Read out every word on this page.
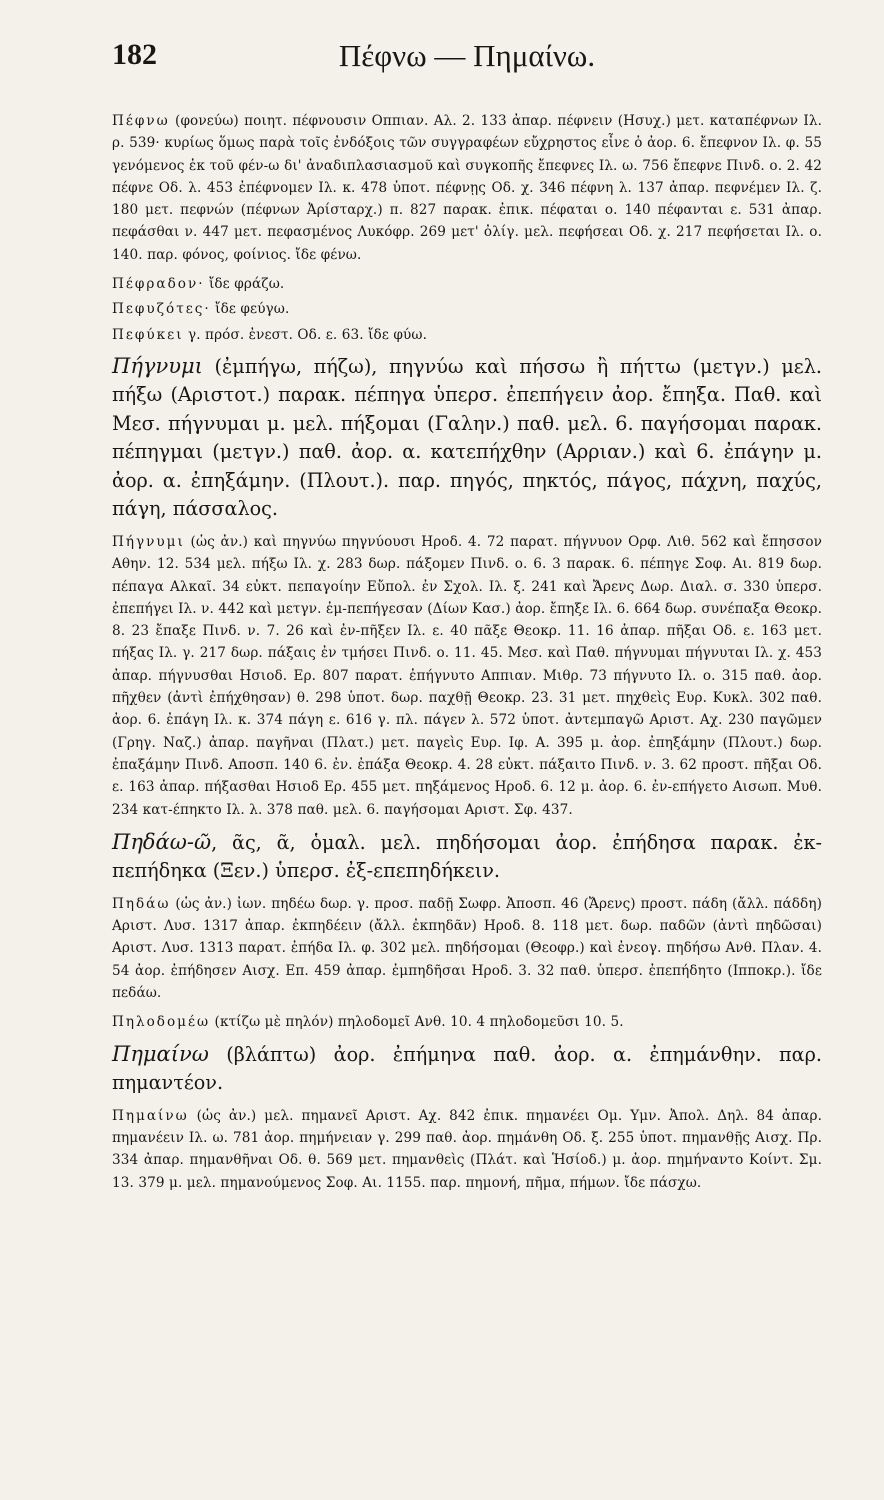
182	Πέφνω — Πημαίνω.

Πέφνω (φονεύω) ποιητ. πέφνουσιν Οππιαν. Αλ. 2. 133 ἀπαρ. πέφνειν (Ησυχ.) μετ. καταπέφνων Ιλ. ρ. 539· κυρίως ὅμως παρὰ τοῖς ἐνδόξοις τῶν συγγραφέων εὔχρηστος εἶνε ὁ ἀορ. 6. ἔπεφνον Ιλ. φ. 55 γενόμενος ἐκ τοῦ φέν-ω δι' ἀναδιπλασιασμοῦ καὶ συγκοπῆς ἔπεφνες Ιλ. ω. 756 ἔπεφνε Πινδ. ο. 2. 42 πέφνε Οδ. λ. 453 ἐπέφνομεν Ιλ. κ. 478 ὑποτ. πέφνῃς Οδ. χ. 346 πέφνη λ. 137 ἀπαρ. πεφνέμεν Ιλ. ζ. 180 μετ. πεφνών (πέφνων Ἀρίσταρχ.) π. 827 παρακ. ἐπικ. πέφαται ο. 140 πέφανται ε. 531 ἀπαρ. πεφάσθαι ν. 447 μετ. πεφασμένος Λυκόφρ. 269 μετ' ὀλίγ. μελ. πεφήσεαι Οδ. χ. 217 πεφήσεται Ιλ. ο. 140. παρ. φόνος, φοίνιος. ἴδε φένω.

Πέφραδον· ἴδε φράζω.

Πεφυζότες· ἴδε φεύγω.

Πεφύκει γ. πρόσ. ἐνεστ. Οδ. ε. 63. ἴδε φύω.

Πήγνυμι (ἐμπήγω, πήζω), πηγνύω καὶ πήσσω ἢ πήττω (μετγν.) μελ. πήξω (Αριστοτ.) παρακ. πέπηγα ὑπερσ. ἐπεπήγειν ἀορ. ἔπηξα. Παθ. καὶ Μεσ. πήγνυμαι μ. μελ. πήξομαι (Γαλην.) παθ. μελ. 6. παγήσομαι παρακ. πέπηγμαι (μετγν.) παθ. ἀορ. α. κατεπήχθην (Αρριαν.) καὶ 6. ἐπάγην μ. ἀορ. α. ἐπηξάμην. (Πλουτ.). παρ. πηγός, πηκτός, πάγος, πάχνη, παχύς, πάγη, πάσσαλος.

Πήγνυμι (ὡς ἀν.) καὶ πηγνύω πηγνύουσι Ηροδ. 4. 72 παρατ. πήγνυον Ορφ. Λιθ. 562 καὶ ἔπησσον Αθην. 12. 534 μελ. πήξω Ιλ. χ. 283 δωρ. πάξομεν Πινδ. ο. 6. 3 παρακ. 6. πέπηγε Σοφ. Αι. 819 δωρ. πέπαγα Αλκαῖ. 34 εὐκτ. πεπαγοίην Εὔπολ. ἐν Σχολ. Ιλ. ξ. 241 καὶ Ἄρενς Δωρ. Διαλ. σ. 330 ὑπερσ. ἐπεπήγει Ιλ. ν. 442 καὶ μετγν. ἐμ-πεπήγεσαν (Δίων Κασ.) ἀορ. ἔπηξε Ιλ. 6. 664 δωρ. συνέπαξα Θεοκρ. 8. 23 ἔπαξε Πινδ. ν. 7. 26 καὶ ἐν-πῆξεν Ιλ. ε. 40 πᾶξε Θεοκρ. 11. 16 ἀπαρ. πῆξαι Οδ. ε. 163 μετ. πήξας Ιλ. γ. 217 δωρ. πάξαις ἐν τμήσει Πινδ. ο. 11. 45. Μεσ. καὶ Παθ. πήγνυμαι πήγνυται Ιλ. χ. 453 ἀπαρ. πήγνυσθαι Ησιοδ. Ερ. 807 παρατ. ἐπήγνυτο Αππιαν. Μιθρ. 73 πήγνυτο Ιλ. ο. 315 παθ. ἀορ. πῆχθεν (ἀντὶ ἐπήχθησαν) θ. 298 ὑποτ. δωρ. παχθῇ Θεοκρ. 23. 31 μετ. πηχθεὶς Ευρ. Κυκλ. 302 παθ. ἀορ. 6. ἐπάγη Ιλ. κ. 374 πάγη ε. 616 γ. πλ. πάγεν λ. 572 ὑποτ. ἀντεμπαγῶ Αριστ. Αχ. 230 παγῶμεν (Γρηγ. Ναζ.) ἀπαρ. παγῆναι (Πλατ.) μετ. παγεὶς Ευρ. Ιφ. Α. 395 μ. ἀορ. ἐπηξάμην (Πλουτ.) δωρ. ἐπαξάμην Πινδ. Αποσπ. 140 6. ἐν. ἐπάξα Θεοκρ. 4. 28 εὐκτ. πάξαιτο Πινδ. ν. 3. 62 προστ. πῆξαι Οδ. ε. 163 ἀπαρ. πήξασθαι Ησιοδ Ερ. 455 μετ. πηξάμενος Ηροδ. 6. 12 μ. ἀορ. 6. ἐν-επήγετο Αισωπ. Μυθ. 234 κατ-έπηκτο Ιλ. λ. 378 παθ. μελ. 6. παγήσομαι Αριστ. Σφ. 437.

Πηδάω-ῶ, ᾶς, ᾶ, ὁμαλ. μελ. πηδήσομαι ἀορ. ἐπήδησα παρακ. ἐκ-πεπήδηκα (Ξεν.) ὑπερσ. ἐξ-επεπηδήκειν.

Πηδάω (ὡς ἀν.) ἰων. πηδέω δωρ. γ. προσ. παδῇ Σωφρ. Ἀποσπ. 46 (Ἄρενς) προστ. πάδη (ἄλλ. πάδδη) Αριστ. Λυσ. 1317 ἀπαρ. ἐκπηδέειν (ἄλλ. ἐκπηδᾶν) Ηροδ. 8. 118 μετ. δωρ. παδῶν (ἀντὶ πηδῶσαι) Αριστ. Λυσ. 1313 παρατ. ἐπήδα Ιλ. φ. 302 μελ. πηδήσομαι (Θεοφρ.) καὶ ἐνεογ. πηδήσω Ανθ. Πλαν. 4. 54 ἀορ. ἐπήδησεν Αισχ. Επ. 459 ἀπαρ. ἐμπηδῆσαι Ηροδ. 3. 32 παθ. ὑπερσ. ἐπεπήδητο (Ιπποκρ.). ἴδε πεδάω.

Πηλοδομέω (κτίζω μὲ πηλόν) πηλοδομεῖ Ανθ. 10. 4 πηλοδομεῦσι 10. 5.

Πημαίνω (βλάπτω) ἀορ. ἐπήμηνα παθ. ἀορ. α. ἐπημάνθην. παρ. πημαντέον.

Πημαίνω (ὡς ἀν.) μελ. πημανεῖ Αριστ. Αχ. 842 ἐπικ. πημανέει Ομ. Υμν. Ἀπολ. Δηλ. 84 ἀπαρ. πημανέειν Ιλ. ω. 781 ἀορ. πημήνειαν γ. 299 παθ. ἀορ. πημάνθη Οδ. ξ. 255 ὑποτ. πημανθῇς Αισχ. Πρ. 334 ἀπαρ. πημανθῆναι Οδ. θ. 569 μετ. πημανθεὶς (Πλάτ. καὶ Ἡσίοδ.) μ. ἀορ. πημήναντο Κοίντ. Σμ. 13. 379 μ. μελ. πημανούμενος Σοφ. Αι. 1155. παρ. πημονή, πῆμα, πήμων. ἴδε πάσχω.
